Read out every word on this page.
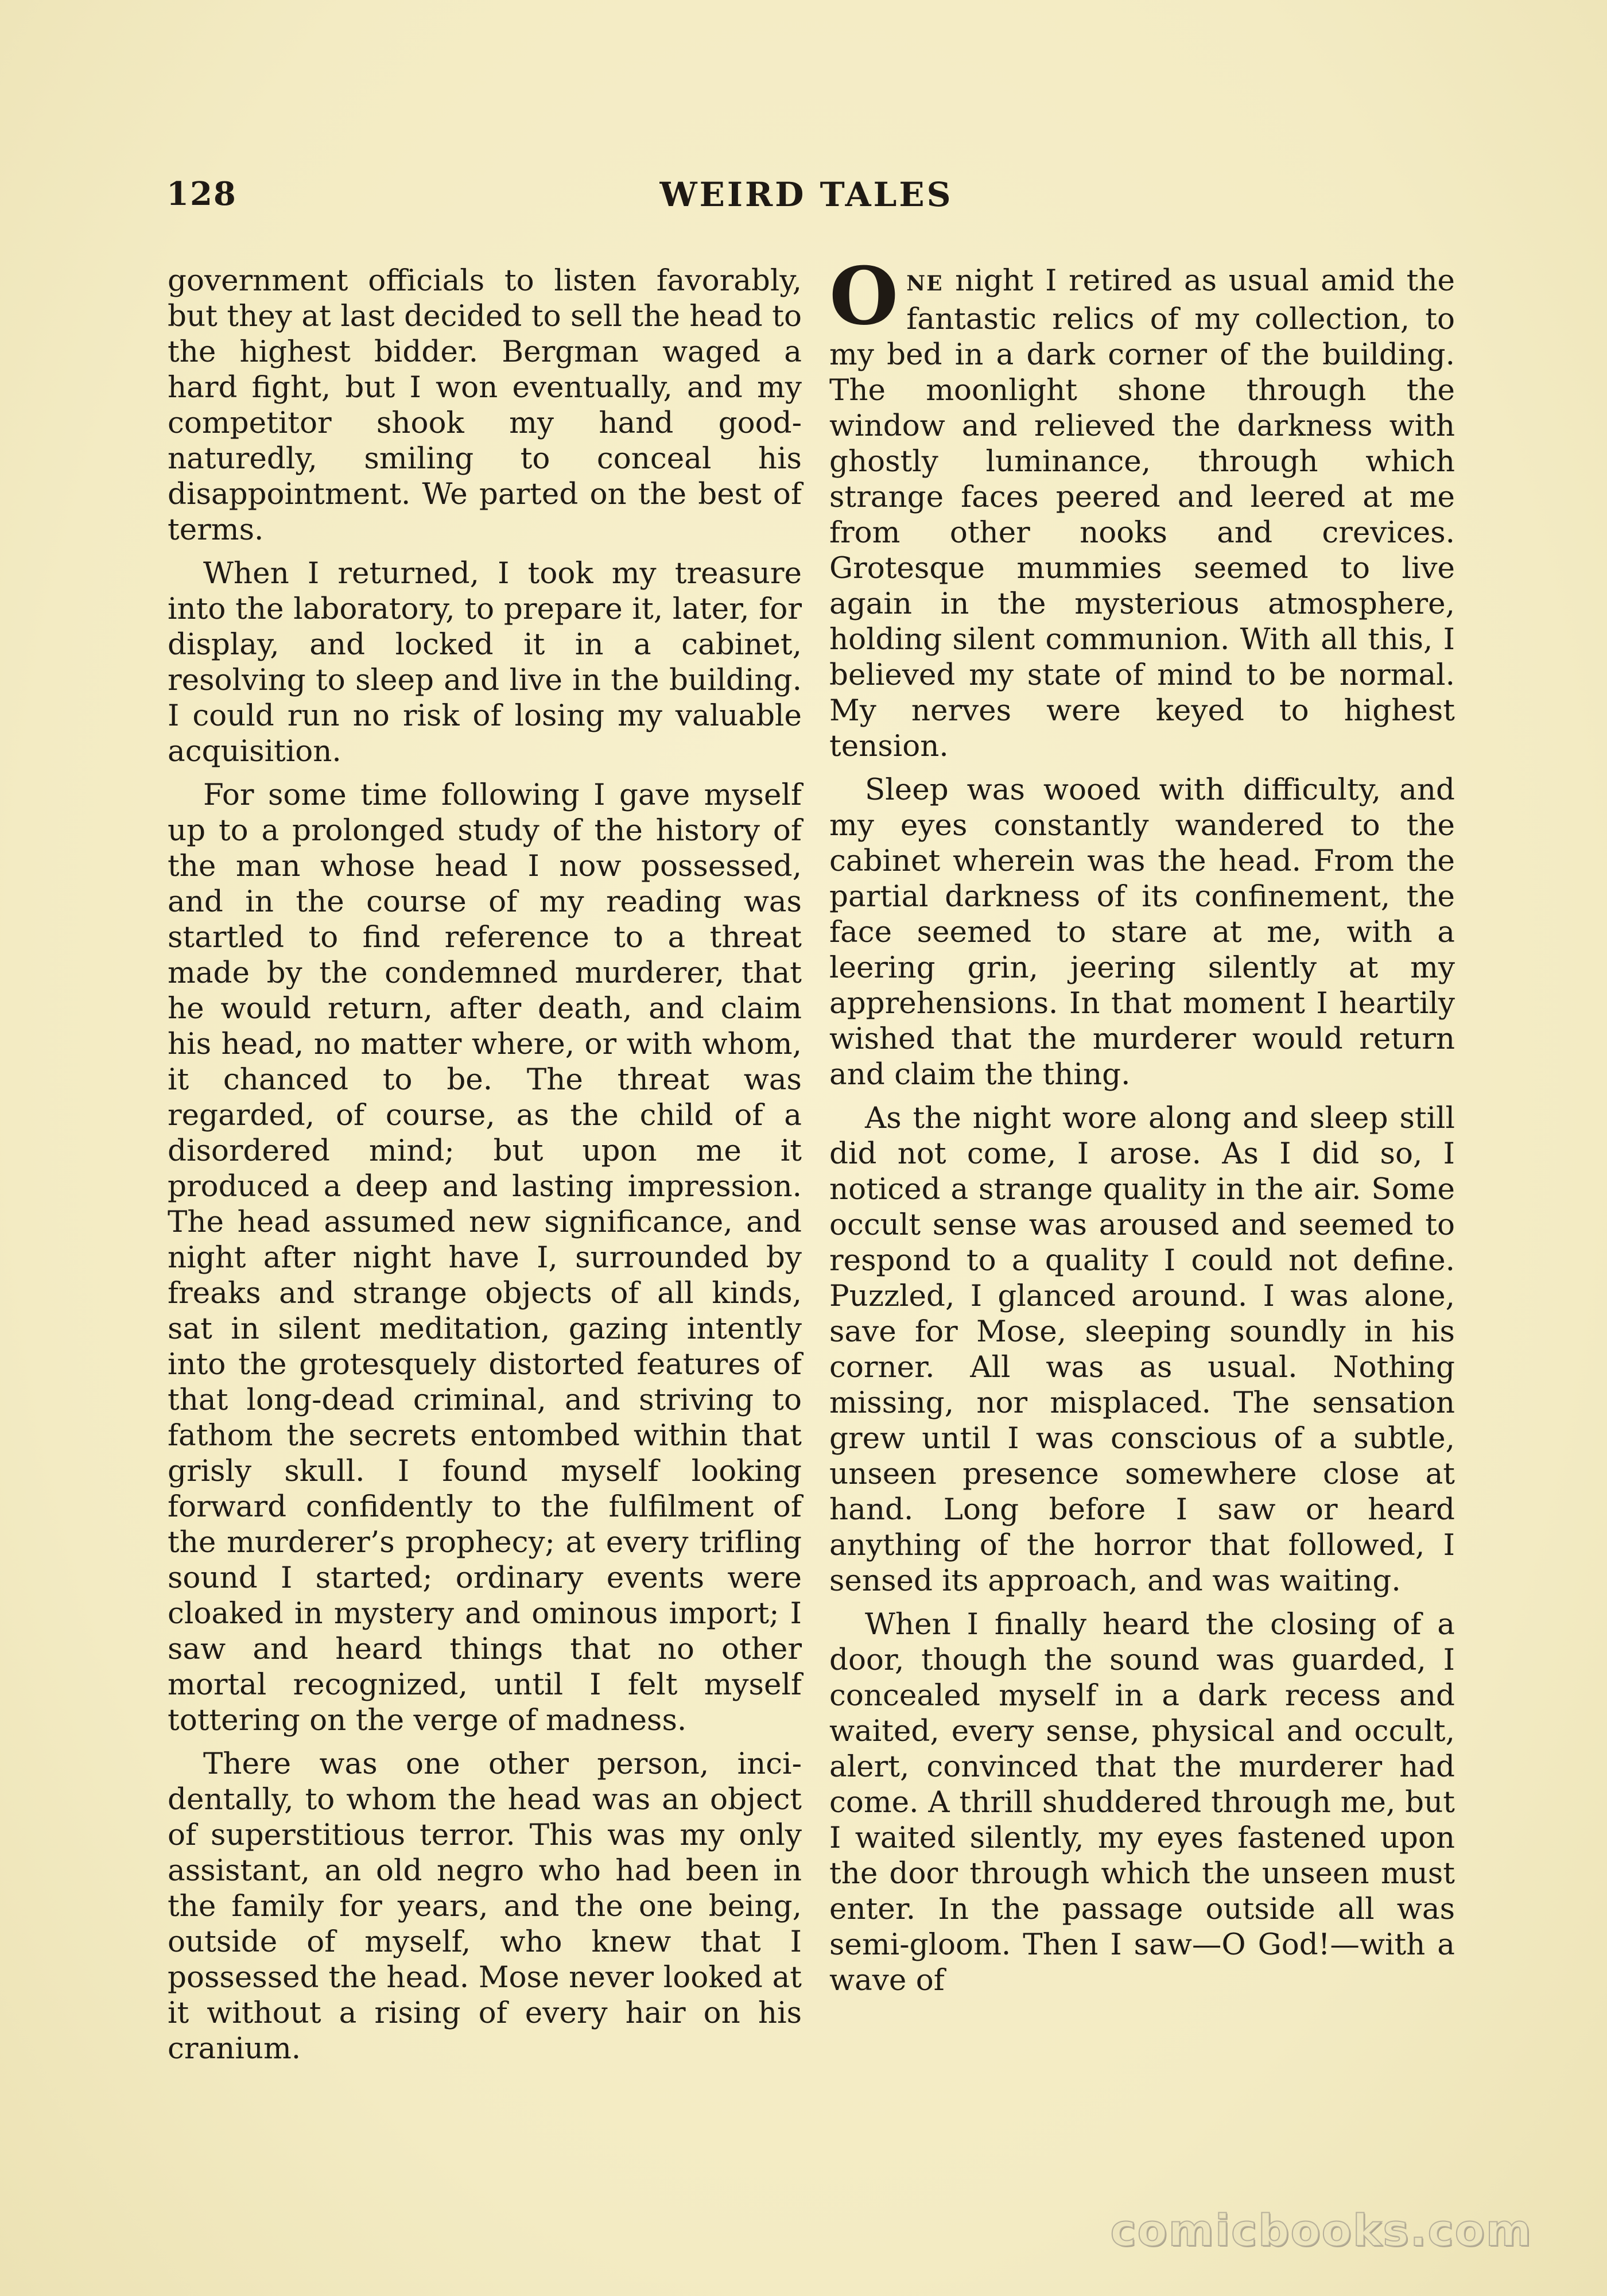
128	WEIRD TALES

government officials to listen favorably, but they at last decided to sell the head to the highest bidder. Bergman waged a hard fight, but I won eventually, and my competitor shook my hand good-naturedly, smiling to conceal his disappointment. We parted on the best of terms.

When I returned, I took my treasure into the laboratory, to prepare it, later, for display, and locked it in a cabinet, resolving to sleep and live in the building. I could run no risk of losing my valuable acquisition.

For some time following I gave myself up to a prolonged study of the history of the man whose head I now possessed, and in the course of my reading was startled to find reference to a threat made by the condemned murderer, that he would return, after death, and claim his head, no matter where, or with whom, it chanced to be. The threat was regarded, of course, as the child of a disordered mind; but upon me it produced a deep and lasting impression. The head assumed new significance, and night after night have I, surrounded by freaks and strange objects of all kinds, sat in silent meditation, gazing intently into the grotesquely distorted features of that long-dead criminal, and striving to fathom the secrets entombed within that grisly skull. I found myself looking forward confidently to the fulfilment of the murderer’s prophecy; at every trifling sound I started; ordinary events were cloaked in mystery and ominous import; I saw and heard things that no other mortal recognized, until I felt myself tottering on the verge of madness.

There was one other person, incidentally, to whom the head was an object of superstitious terror. This was my only assistant, an old negro who had been in the family for years, and the one being, outside of myself, who knew that I possessed the head. Mose never looked at it without a rising of every hair on his cranium.

ONE night I retired as usual amid the fantastic relics of my collection, to my bed in a dark corner of the building. The moonlight shone through the window and relieved the darkness with ghostly luminance, through which strange faces peered and leered at me from other nooks and crevices. Grotesque mummies seemed to live again in the mysterious atmosphere, holding silent communion. With all this, I believed my state of mind to be normal. My nerves were keyed to highest tension.

Sleep was wooed with difficulty, and my eyes constantly wandered to the cabinet wherein was the head. From the partial darkness of its confinement, the face seemed to stare at me, with a leering grin, jeering silently at my apprehensions. In that moment I heartily wished that the murderer would return and claim the thing.

As the night wore along and sleep still did not come, I arose. As I did so, I noticed a strange quality in the air. Some occult sense was aroused and seemed to respond to a quality I could not define. Puzzled, I glanced around. I was alone, save for Mose, sleeping soundly in his corner. All was as usual. Nothing missing, nor misplaced. The sensation grew until I was conscious of a subtle, unseen presence somewhere close at hand. Long before I saw or heard anything of the horror that followed, I sensed its approach, and was waiting.

When I finally heard the closing of a door, though the sound was guarded, I concealed myself in a dark recess and waited, every sense, physical and occult, alert, convinced that the murderer had come. A thrill shuddered through me, but I waited silently, my eyes fastened upon the door through which the unseen must enter. In the passage outside all was semi-gloom. Then I saw—O God!—with a wave of

comicbooks.com
